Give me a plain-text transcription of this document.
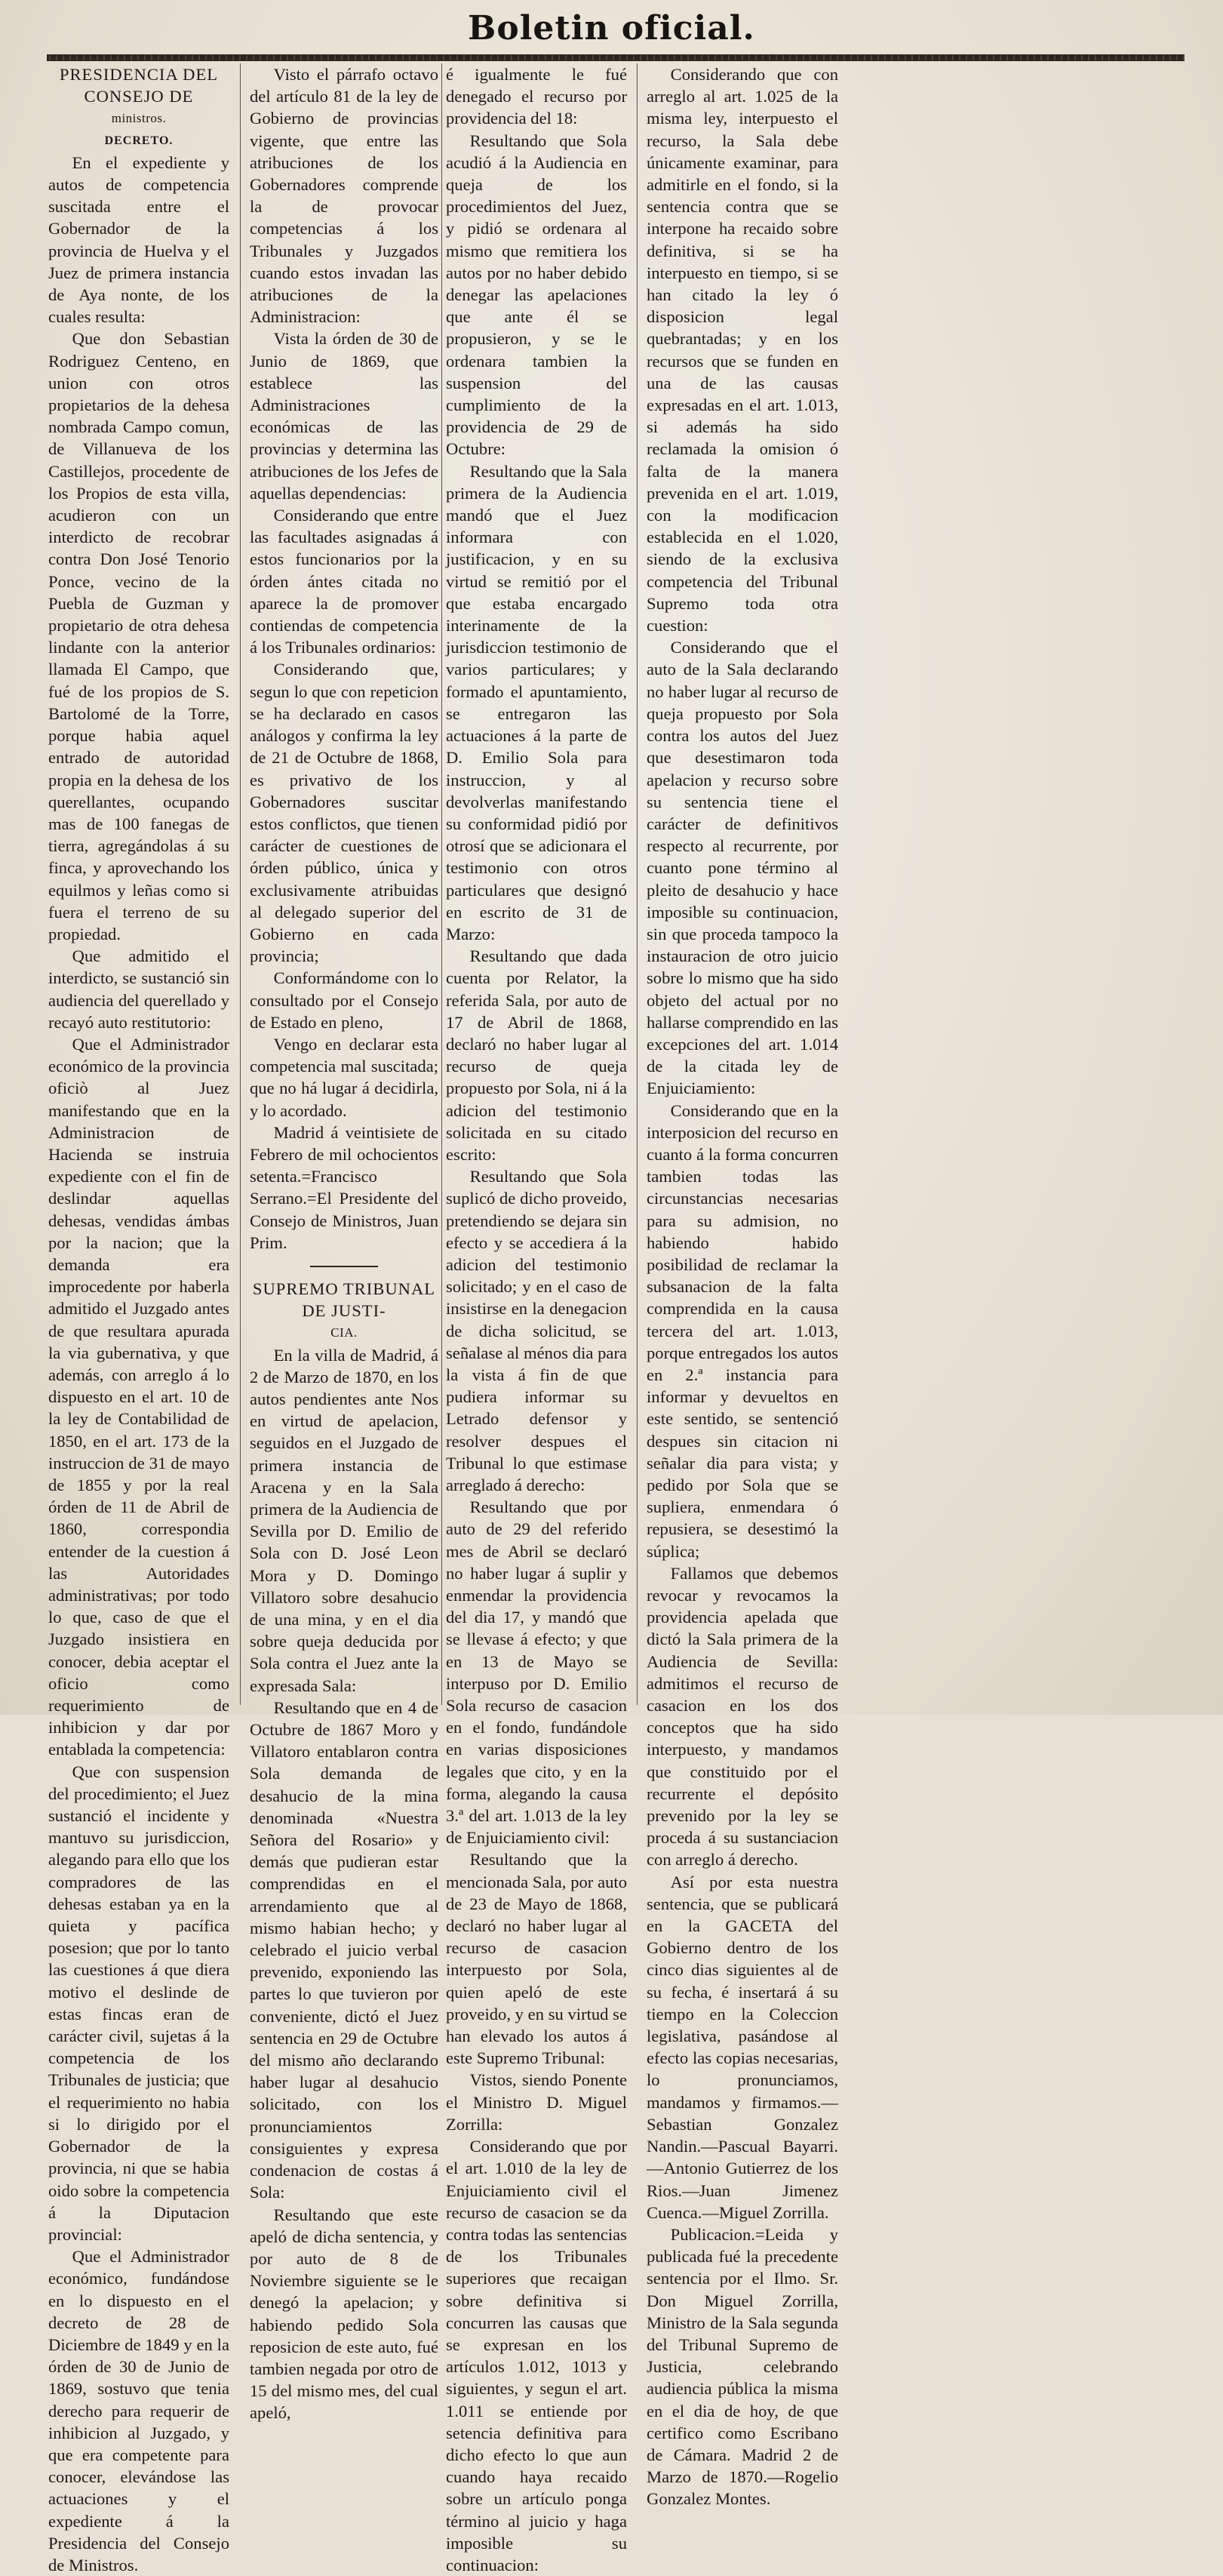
Boletin oficial.

PRESIDENCIA DEL CONSEJO DE

ministros.

DECRETO.

En el expediente y autos de competencia suscitada entre el Gobernador de la provincia de Huelva y el Juez de primera instancia de Aya nonte, de los cuales resulta:

Que don Sebastian Rodriguez Centeno, en union con otros propietarios de la dehesa nombrada Campo comun, de Villanueva de los Castillejos, procedente de los Propios de esta villa, acudieron con un interdicto de recobrar contra Don José Tenorio Ponce, vecino de la Puebla de Guzman y propietario de otra dehesa lindante con la anterior llamada El Campo, que fué de los propios de S. Bartolomé de la Torre, porque habia aquel entrado de autoridad propia en la dehesa de los querellantes, ocupando mas de 100 fanegas de tierra, agregándolas á su finca, y aprovechando los equilmos y leñas como si fuera el terreno de su propiedad.

Que admitido el interdicto, se sustanció sin audiencia del querellado y recayó auto restitutorio:

Que el Administrador económico de la provincia oficiò al Juez manifestando que en la Administracion de Hacienda se instruia expediente con el fin de deslindar aquellas dehesas, vendidas ámbas por la nacion; que la demanda era improcedente por haberla admitido el Juzgado antes de que resultara apurada la via gubernativa, y que además, con arreglo á lo dispuesto en el art. 10 de la ley de Contabilidad de 1850, en el art. 173 de la instruccion de 31 de mayo de 1855 y por la real órden de 11 de Abril de 1860, correspondia entender de la cuestion á las Autoridades administrativas; por todo lo que, caso de que el Juzgado insistiera en conocer, debia aceptar el oficio como requerimiento de inhibicion y dar por entablada la competencia:

Que con suspension del procedimiento; el Juez sustanció el incidente y mantuvo su jurisdiccion, alegando para ello que los compradores de las dehesas estaban ya en la quieta y pacífica posesion; que por lo tanto las cuestiones á que diera motivo el deslinde de estas fincas eran de carácter civil, sujetas á la competencia de los Tribunales de justicia; que el requerimiento no habia si lo dirigido por el Gobernador de la provincia, ni que se habia oido sobre la competencia á la Diputacion provincial:

Que el Administrador económico, fundándose en lo dispuesto en el decreto de 28 de Diciembre de 1849 y en la órden de 30 de Junio de 1869, sostuvo que tenia derecho para requerir de inhibicion al Juzgado, y que era competente para conocer, elevándose las actuaciones y el expediente á la Presidencia del Consejo de Ministros.

Visto el párrafo octavo del artículo 81 de la ley de Gobierno de provincias vigente, que entre las atribuciones de los Gobernadores comprende la de provocar competencias á los Tribunales y Juzgados cuando estos invadan las atribuciones de la Administracion:

Vista la órden de 30 de Junio de 1869, que establece las Administraciones económicas de las provincias y determina las atribuciones de los Jefes de aquellas dependencias:

Considerando que entre las facultades asignadas á estos funcionarios por la órden ántes citada no aparece la de promover contiendas de competencia á los Tribunales ordinarios:

Considerando que, segun lo que con repeticion se ha declarado en casos análogos y confirma la ley de 21 de Octubre de 1868, es privativo de los Gobernadores suscitar estos conflictos, que tienen carácter de cuestiones de órden público, única y exclusivamente atribuidas al delegado superior del Gobierno en cada provincia;

Conformándome con lo consultado por el Consejo de Estado en pleno,

Vengo en declarar esta competencia mal suscitada; que no há lugar á decidirla, y lo acordado.

Madrid á veintisiete de Febrero de mil ochocientos setenta.=Francisco Serrano.=El Presidente del Consejo de Ministros, Juan Prim.

SUPREMO TRIBUNAL DE JUSTI-

CIA.

En la villa de Madrid, á 2 de Marzo de 1870, en los autos pendientes ante Nos en virtud de apelacion, seguidos en el Juzgado de primera instancia de Aracena y en la Sala primera de la Audiencia de Sevilla por D. Emilio de Sola con D. José Leon Mora y D. Domingo Villatoro sobre desahucio de una mina, y en el dia sobre queja deducida por Sola contra el Juez ante la expresada Sala:

Resultando que en 4 de Octubre de 1867 Moro y Villatoro entablaron contra Sola demanda de desahucio de la mina denominada «Nuestra Señora del Rosario» y demás que pudieran estar comprendidas en el arrendamiento que al mismo habian hecho; y celebrado el juicio verbal prevenido, exponiendo las partes lo que tuvieron por conveniente, dictó el Juez sentencia en 29 de Octubre del mismo año declarando haber lugar al desahucio solicitado, con los pronunciamientos consiguientes y expresa condenacion de costas á Sola:

Resultando que este apeló de dicha sentencia, y por auto de 8 de Noviembre siguiente se le denegó la apelacion; y habiendo pedido Sola reposicion de este auto, fué tambien negada por otro de 15 del mismo mes, del cual apeló,

é igualmente le fué denegado el recurso por providencia del 18:

Resultando que Sola acudió á la Audiencia en queja de los procedimientos del Juez, y pidió se ordenara al mismo que remitiera los autos por no haber debido denegar las apelaciones que ante él se propusieron, y se le ordenara tambien la suspension del cumplimiento de la providencia de 29 de Octubre:

Resultando que la Sala primera de la Audiencia mandó que el Juez informara con justificacion, y en su virtud se remitió por el que estaba encargado interinamente de la jurisdiccion testimonio de varios particulares; y formado el apuntamiento, se entregaron las actuaciones á la parte de D. Emilio Sola para instruccion, y al devolverlas manifestando su conformidad pidió por otrosí que se adicionara el testimonio con otros particulares que designó en escrito de 31 de Marzo:

Resultando que dada cuenta por Relator, la referida Sala, por auto de 17 de Abril de 1868, declaró no haber lugar al recurso de queja propuesto por Sola, ni á la adicion del testimonio solicitada en su citado escrito:

Resultando que Sola suplicó de dicho proveido, pretendiendo se dejara sin efecto y se accediera á la adicion del testimonio solicitado; y en el caso de insistirse en la denegacion de dicha solicitud, se señalase al ménos dia para la vista á fin de que pudiera informar su Letrado defensor y resolver despues el Tribunal lo que estimase arreglado á derecho:

Resultando que por auto de 29 del referido mes de Abril se declaró no haber lugar á suplir y enmendar la providencia del dia 17, y mandó que se llevase á efecto; y que en 13 de Mayo se interpuso por D. Emilio Sola recurso de casacion en el fondo, fundándole en varias disposiciones legales que cito, y en la forma, alegando la causa 3.ª del art. 1.013 de la ley de Enjuiciamiento civil:

Resultando que la mencionada Sala, por auto de 23 de Mayo de 1868, declaró no haber lugar al recurso de casacion interpuesto por Sola, quien apeló de este proveido, y en su virtud se han elevado los autos á este Supremo Tribunal:

Vistos, siendo Ponente el Ministro D. Miguel Zorrilla:

Considerando que por el art. 1.010 de la ley de Enjuiciamiento civil el recurso de casacion se da contra todas las sentencias de los Tribunales superiores que recaigan sobre definitiva si concurren las causas que se expresan en los artículos 1.012, 1013 y siguientes, y segun el art. 1.011 se entiende por setencia definitiva para dicho efecto lo que aun cuando haya recaido sobre un artículo ponga término al juicio y haga imposible su continuacion:

Considerando que con arreglo al art. 1.025 de la misma ley, interpuesto el recurso, la Sala debe únicamente examinar, para admitirle en el fondo, si la sentencia contra que se interpone ha recaido sobre definitiva, si se ha interpuesto en tiempo, si se han citado la ley ó disposicion legal quebrantadas; y en los recursos que se funden en una de las causas expresadas en el art. 1.013, si además ha sido reclamada la omision ó falta de la manera prevenida en el art. 1.019, con la modificacion establecida en el 1.020, siendo de la exclusiva competencia del Tribunal Supremo toda otra cuestion:

Considerando que el auto de la Sala declarando no haber lugar al recurso de queja propuesto por Sola contra los autos del Juez que desestimaron toda apelacion y recurso sobre su sentencia tiene el carácter de definitivos respecto al recurrente, por cuanto pone término al pleito de desahucio y hace imposible su continuacion, sin que proceda tampoco la instauracion de otro juicio sobre lo mismo que ha sido objeto del actual por no hallarse comprendido en las excepciones del art. 1.014 de la citada ley de Enjuiciamiento:

Considerando que en la interposicion del recurso en cuanto á la forma concurren tambien todas las circunstancias necesarias para su admision, no habiendo habido posibilidad de reclamar la subsanacion de la falta comprendida en la causa tercera del art. 1.013, porque entregados los autos en 2.ª instancia para informar y devueltos en este sentido, se sentenció despues sin citacion ni señalar dia para vista; y pedido por Sola que se supliera, enmendara ó repusiera, se desestimó la súplica;

Fallamos que debemos revocar y revocamos la providencia apelada que dictó la Sala primera de la Audiencia de Sevilla: admitimos el recurso de casacion en los dos conceptos que ha sido interpuesto, y mandamos que constituido por el recurrente el depósito prevenido por la ley se proceda á su sustanciacion con arreglo á derecho.

Así por esta nuestra sentencia, que se publicará en la GACETA del Gobierno dentro de los cinco dias siguientes al de su fecha, é insertará á su tiempo en la Coleccion legislativa, pasándose al efecto las copias necesarias, lo pronunciamos, mandamos y firmamos.—Sebastian Gonzalez Nandin.—Pascual Bayarri.—Antonio Gutierrez de los Rios.—Juan Jimenez Cuenca.—Miguel Zorrilla.

Publicacion.=Leida y publicada fué la precedente sentencia por el Ilmo. Sr. Don Miguel Zorrilla, Ministro de la Sala segunda del Tribunal Supremo de Justicia, celebrando audiencia pública la misma en el dia de hoy, de que certifico como Escribano de Cámara. Madrid 2 de Marzo de 1870.—Rogelio Gonzalez Montes.
